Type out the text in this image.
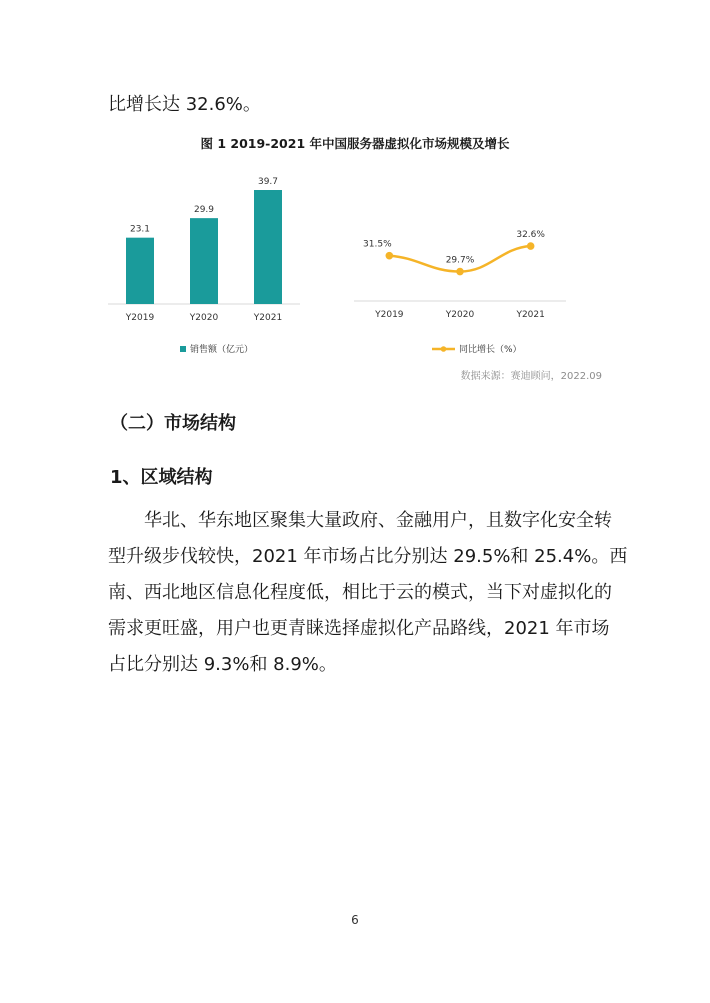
比增长达 32.6%。
图 1 2019-2021 年中国服务器虚拟化市场规模及增长
23.1
Y2019
29.9
Y2020
39.7
Y2021
销售额（亿元）
31.5%
Y2019
29.7%
Y2020
32.6%
Y2021
同比增长（%）
数据来源：赛迪顾问，2022.09
（二）市场结构
1、区域结构
华北、华东地区聚集大量政府、金融用户，且数字化安全转
型升级步伐较快，2021 年市场占比分别达 29.5%和 25.4%。西
南、西北地区信息化程度低，相比于云的模式，当下对虚拟化的
需求更旺盛，用户也更青睐选择虚拟化产品路线，2021 年市场
占比分别达 9.3%和 8.9%。
6
